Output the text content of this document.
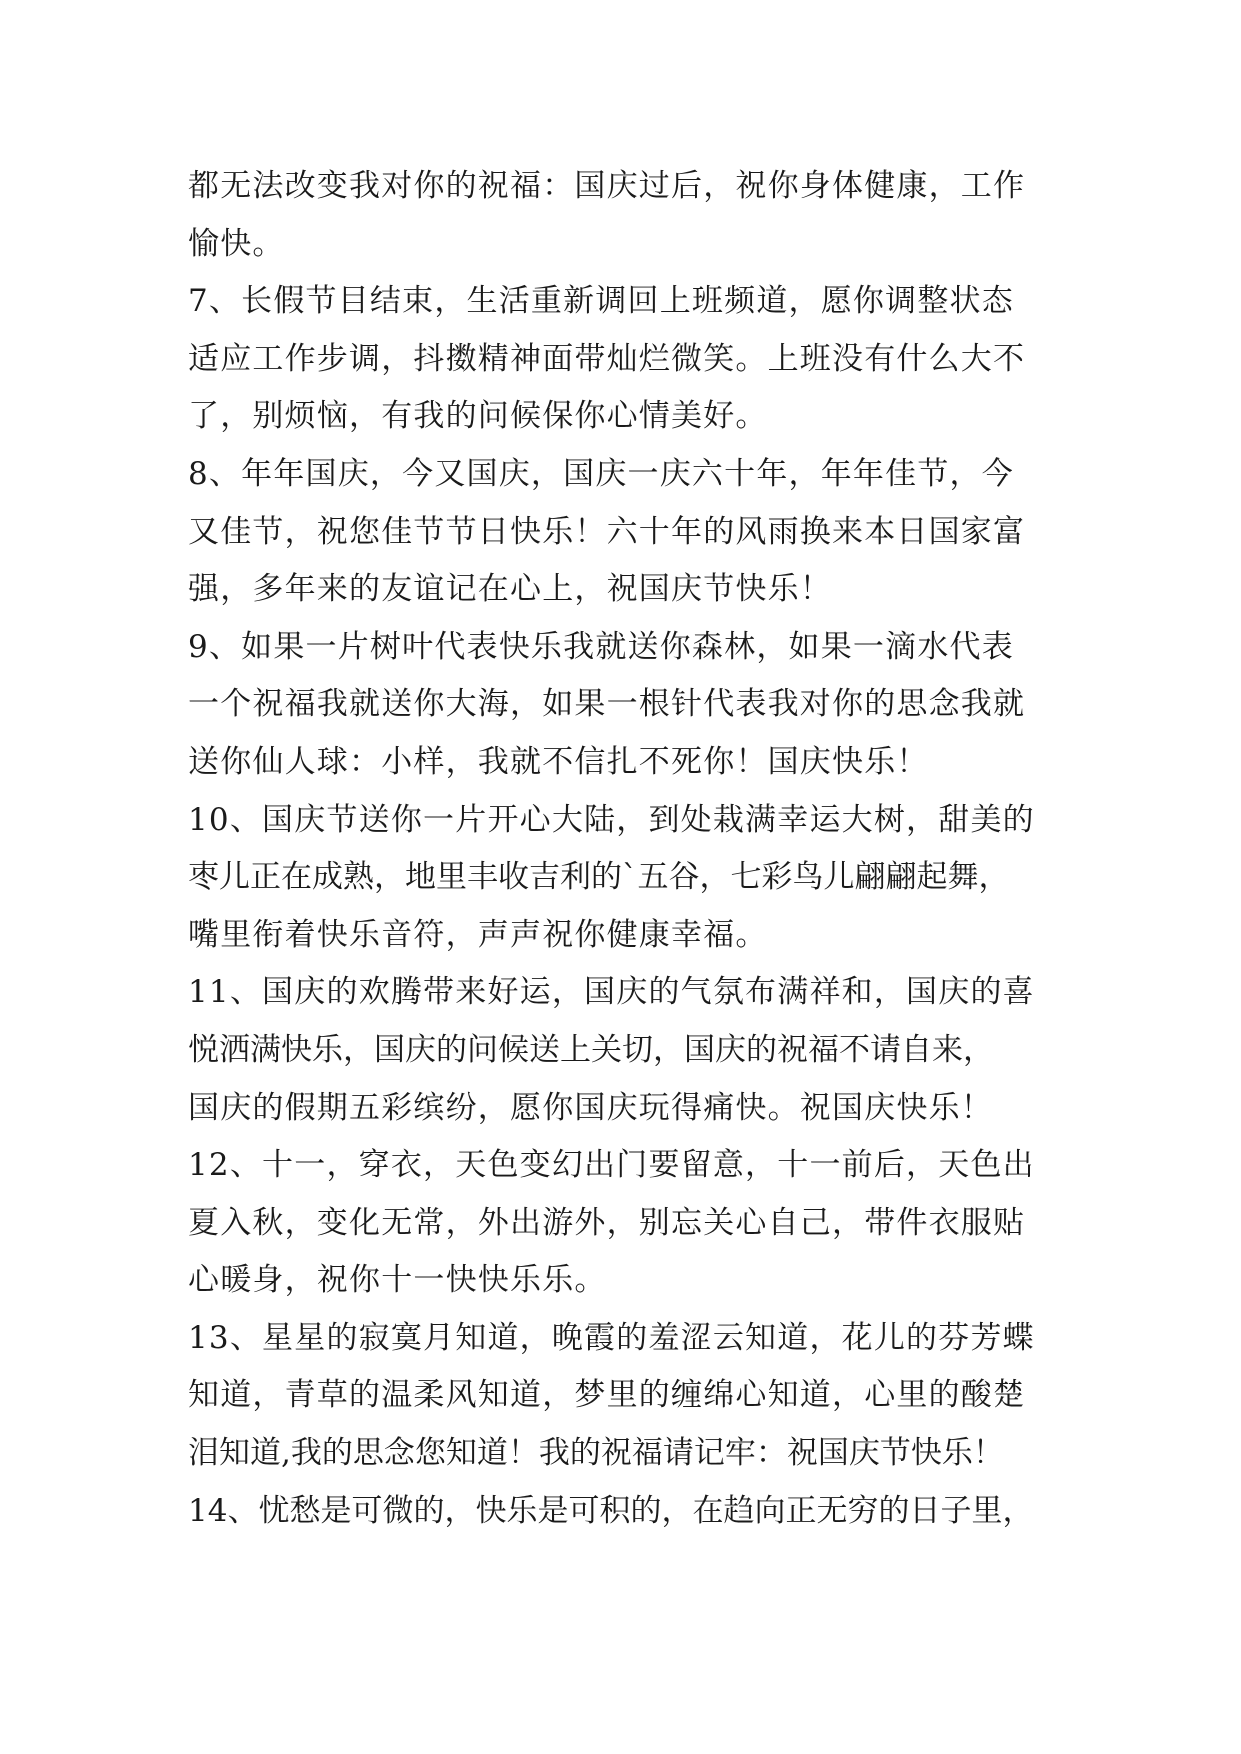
都无法改变我对你的祝福：国庆过后，祝你身体健康，工作
愉快。
7、长假节目结束，生活重新调回上班频道，愿你调整状态
适应工作步调，抖擞精神面带灿烂微笑。上班没有什么大不
了，别烦恼，有我的问候保你心情美好。
8、年年国庆，今又国庆，国庆一庆六十年，年年佳节，今
又佳节，祝您佳节节日快乐！六十年的风雨换来本日国家富
强，多年来的友谊记在心上，祝国庆节快乐！
9、如果一片树叶代表快乐我就送你森林，如果一滴水代表
一个祝福我就送你大海，如果一根针代表我对你的思念我就
送你仙人球：小样，我就不信扎不死你！国庆快乐！
10、国庆节送你一片开心大陆，到处栽满幸运大树，甜美的
枣儿正在成熟，地里丰收吉利的`五谷，七彩鸟儿翩翩起舞，
嘴里衔着快乐音符，声声祝你健康幸福。
11、国庆的欢腾带来好运，国庆的气氛布满祥和，国庆的喜
悦洒满快乐，国庆的问候送上关切，国庆的祝福不请自来，
国庆的假期五彩缤纷，愿你国庆玩得痛快。祝国庆快乐！
12、十一，穿衣，天色变幻出门要留意，十一前后，天色出
夏入秋，变化无常，外出游外，别忘关心自己，带件衣服贴
心暖身，祝你十一快快乐乐。
13、星星的寂寞月知道，晚霞的羞涩云知道，花儿的芬芳蝶
知道，青草的温柔风知道，梦里的缠绵心知道，心里的酸楚
泪知道,我的思念您知道！我的祝福请记牢：祝国庆节快乐！
14、忧愁是可微的，快乐是可积的，在趋向正无穷的日子里，
